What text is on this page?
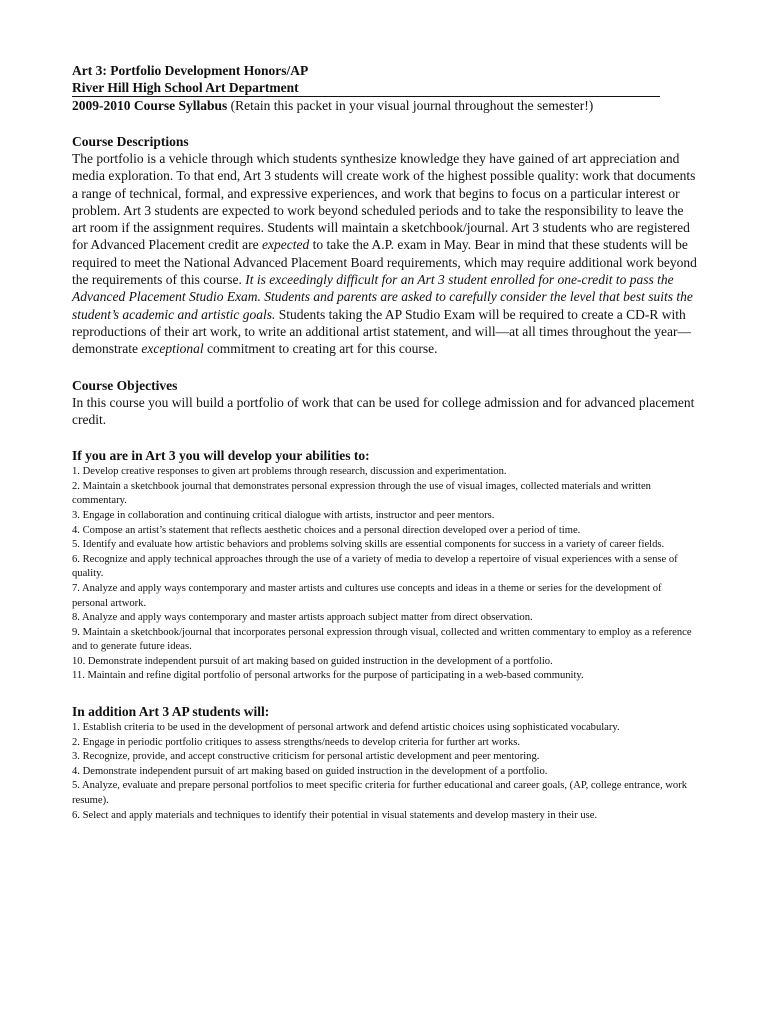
Art 3: Portfolio Development Honors/AP

River Hill High School Art Department

2009-2010 Course Syllabus (Retain this packet in your visual journal throughout the semester!)

Course Descriptions

The portfolio is a vehicle through which students synthesize knowledge they have gained of art appreciation and media exploration. To that end, Art 3 students will create work of the highest possible quality: work that documents a range of technical, formal, and expressive experiences, and work that begins to focus on a particular interest or problem. Art 3 students are expected to work beyond scheduled periods and to take the responsibility to leave the art room if the assignment requires. Students will maintain a sketchbook/journal. Art 3 students who are registered for Advanced Placement credit are expected to take the A.P. exam in May. Bear in mind that these students will be required to meet the National Advanced Placement Board requirements, which may require additional work beyond the requirements of this course. It is exceedingly difficult for an Art 3 student enrolled for one-credit to pass the Advanced Placement Studio Exam. Students and parents are asked to carefully consider the level that best suits the student’s academic and artistic goals. Students taking the AP Studio Exam will be required to create a CD-R with reproductions of their art work, to write an additional artist statement, and will—at all times throughout the year—demonstrate exceptional commitment to creating art for this course.

Course Objectives

In this course you will build a portfolio of work that can be used for college admission and for advanced placement credit.

If you are in Art 3 you will develop your abilities to:

1. Develop creative responses to given art problems through research, discussion and experimentation.
2. Maintain a sketchbook journal that demonstrates personal expression through the use of visual images, collected materials and written commentary.
3. Engage in collaboration and continuing critical dialogue with artists, instructor and peer mentors.
4. Compose an artist’s statement that reflects aesthetic choices and a personal direction developed over a period of time.
5. Identify and evaluate how artistic behaviors and problems solving skills are essential components for success in a variety of career fields.
6. Recognize and apply technical approaches through the use of a variety of media to develop a repertoire of visual experiences with a sense of quality.
7. Analyze and apply ways contemporary and master artists and cultures use concepts and ideas in a theme or series for the development of personal artwork.
8. Analyze and apply ways contemporary and master artists approach subject matter from direct observation.
9. Maintain a sketchbook/journal that incorporates personal expression through visual, collected and written commentary to employ as a reference and to generate future ideas.
10. Demonstrate independent pursuit of art making based on guided instruction in the development of a portfolio.
11. Maintain and refine digital portfolio of personal artworks for the purpose of participating in a web-based community.

In addition Art 3 AP students will:

1. Establish criteria to be used in the development of personal artwork and defend artistic choices using sophisticated vocabulary.
2. Engage in periodic portfolio critiques to assess strengths/needs to develop criteria for further art works.
3. Recognize, provide, and accept constructive criticism for personal artistic development and peer mentoring.
4. Demonstrate independent pursuit of art making based on guided instruction in the development of a portfolio.
5. Analyze, evaluate and prepare personal portfolios to meet specific criteria for further educational and career goals, (AP, college entrance, work resume).
6. Select and apply materials and techniques to identify their potential in visual statements and develop mastery in their use.
